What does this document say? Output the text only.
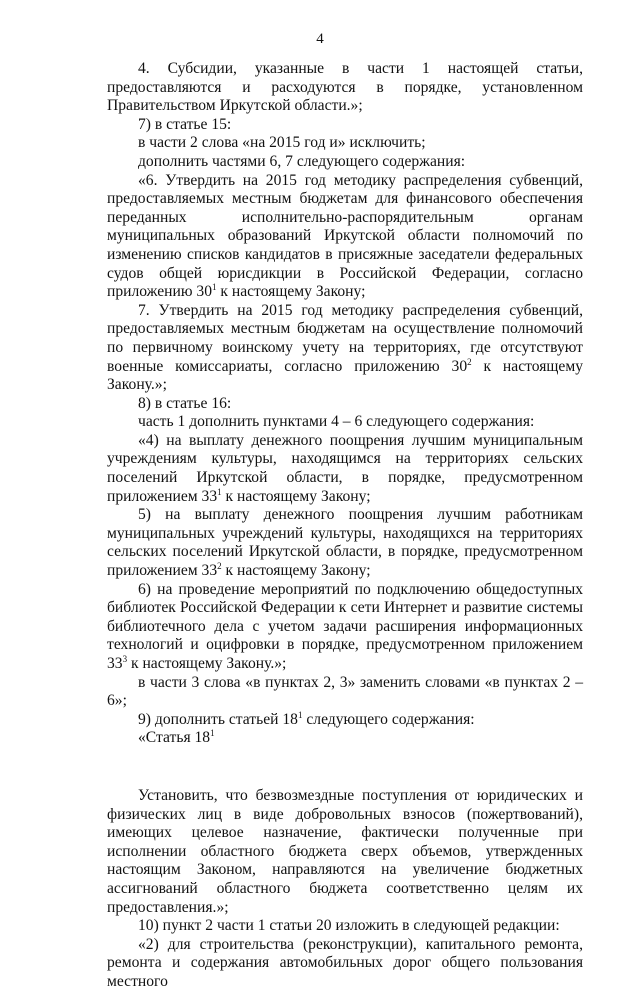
4

4. Субсидии, указанные в части 1 настоящей статьи, предоставляются и расходуются в порядке, установленном Правительством Иркутской области.»;

7) в статье 15:

в части 2 слова «на 2015 год и» исключить;

дополнить частями 6, 7 следующего содержания:

«6. Утвердить на 2015 год методику распределения субвенций, предоставляемых местным бюджетам для финансового обеспечения переданных исполнительно-распорядительным органам муниципальных образований Иркутской области полномочий по изменению списков кандидатов в присяжные заседатели федеральных судов общей юрисдикции в Российской Федерации, согласно приложению $30^1$ к настоящему Закону;

7. Утвердить на 2015 год методику распределения субвенций, предоставляемых местным бюджетам на осуществление полномочий по первичному воинскому учету на территориях, где отсутствуют военные комиссариаты, согласно приложению $30^2$ к настоящему Закону.»;

8) в статье 16:

часть 1 дополнить пунктами 4 – 6 следующего содержания:

«4) на выплату денежного поощрения лучшим муниципальным учреждениям культуры, находящимся на территориях сельских поселений Иркутской области, в порядке, предусмотренном приложением $33^1$ к настоящему Закону;

5) на выплату денежного поощрения лучшим работникам муниципальных учреждений культуры, находящихся на территориях сельских поселений Иркутской области, в порядке, предусмотренном приложением $33^2$ к настоящему Закону;

6) на проведение мероприятий по подключению общедоступных библиотек Российской Федерации к сети Интернет и развитие системы библиотечного дела с учетом задачи расширения информационных технологий и оцифровки в порядке, предусмотренном приложением $33^3$ к настоящему Закону.»;

в части 3 слова «в пунктах 2, 3» заменить словами «в пунктах 2 – 6»;

9) дополнить статьей $18^1$ следующего содержания:

«Статья $18^1$

Установить, что безвозмездные поступления от юридических и физических лиц в виде добровольных взносов (пожертвований), имеющих целевое назначение, фактически полученные при исполнении областного бюджета сверх объемов, утвержденных настоящим Законом, направляются на увеличение бюджетных ассигнований областного бюджета соответственно целям их предоставления.»;

10) пункт 2 части 1 статьи 20 изложить в следующей редакции:

«2) для строительства (реконструкции), капитального ремонта, ремонта и содержания автомобильных дорог общего пользования местного
